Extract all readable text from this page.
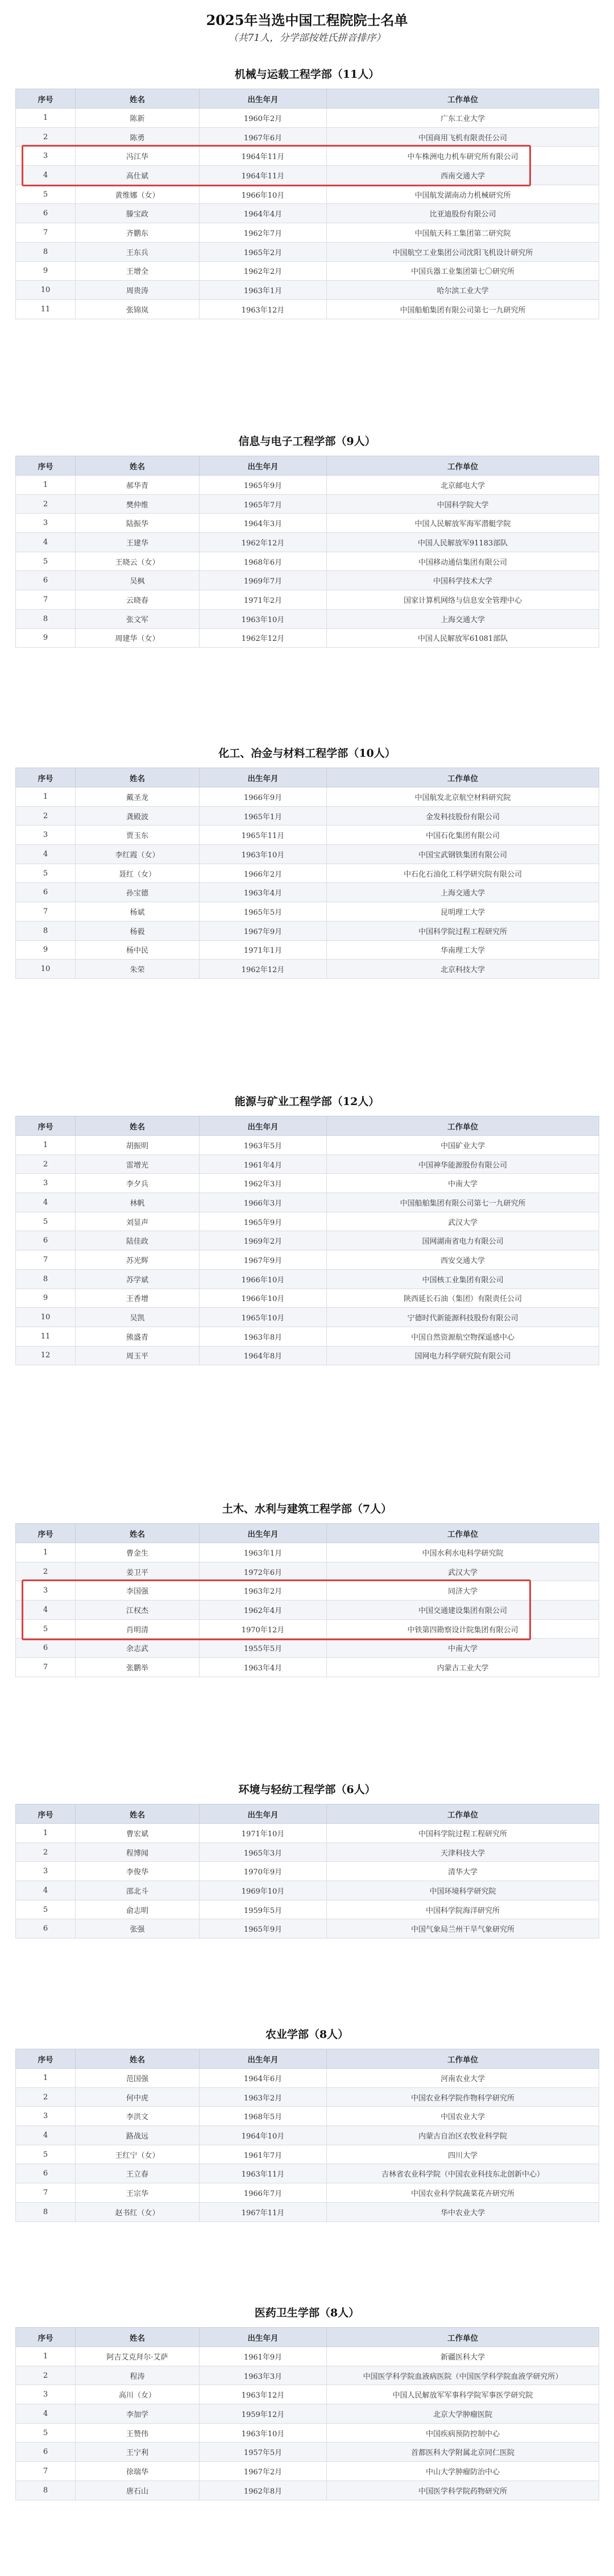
2025年当选中国工程院院士名单
（共71人，分学部按姓氏拼音排序）
机械与运载工程学部（11人）
序号	姓名	出生年月	工作单位
1	陈新	1960年2月	广东工业大学
2	陈勇	1967年6月	中国商用飞机有限责任公司
3	冯江华	1964年11月	中车株洲电力机车研究所有限公司
4	高仕斌	1964年11月	西南交通大学
5	黄维娜（女）	1966年10月	中国航发湖南动力机械研究所
6	滕宝政	1964年4月	比亚迪股份有限公司
7	齐鹏东	1962年7月	中国航天科工集团第二研究院
8	王东兵	1965年2月	中国航空工业集团公司沈阳飞机设计研究所
9	王增全	1962年2月	中国兵器工业集团第七〇研究所
10	周贵涛	1963年1月	哈尔滨工业大学
11	张锦岚	1963年12月	中国船舶集团有限公司第七一九研究所
信息与电子工程学部（9人）
序号	姓名	出生年月	工作单位
1	郝华青	1965年9月	北京邮电大学
2	樊仲维	1965年7月	中国科学院大学
3	陆振华	1964年3月	中国人民解放军海军潜艇学院
4	王建华	1962年12月	中国人民解放军91183部队
5	王晓云（女）	1968年6月	中国移动通信集团有限公司
6	吴枫	1969年7月	中国科学技术大学
7	云晓春	1971年2月	国家计算机网络与信息安全管理中心
8	张文军	1963年10月	上海交通大学
9	周建华（女）	1962年12月	中国人民解放军61081部队
化工、冶金与材料工程学部（10人）
序号	姓名	出生年月	工作单位
1	戴圣龙	1966年9月	中国航发北京航空材料研究院
2	龚殿波	1965年1月	金发科技股份有限公司
3	贾玉东	1965年11月	中国石化集团有限公司
4	李红霞（女）	1963年10月	中国宝武钢铁集团有限公司
5	聂红（女）	1966年2月	中石化石油化工科学研究院有限公司
6	孙宝德	1963年4月	上海交通大学
7	杨斌	1965年5月	昆明理工大学
8	杨毅	1967年9月	中国科学院过程工程研究所
9	杨中民	1971年1月	华南理工大学
10	朱荣	1962年12月	北京科技大学
能源与矿业工程学部（12人）
序号	姓名	出生年月	工作单位
1	胡振明	1963年5月	中国矿业大学
2	雷增光	1961年4月	中国神华能源股份有限公司
3	李夕兵	1962年3月	中南大学
4	林帆	1966年3月	中国船舶集团有限公司第七一九研究所
5	刘显声	1965年9月	武汉大学
6	陆佳政	1969年2月	国网湖南省电力有限公司
7	苏光辉	1967年9月	西安交通大学
8	苏学斌	1966年10月	中国核工业集团有限公司
9	王香增	1966年10月	陕西延长石油（集团）有限责任公司
10	吴凯	1965年10月	宁德时代新能源科技股份有限公司
11	熊盛青	1963年8月	中国自然资源航空物探遥感中心
12	周玉平	1964年8月	国网电力科学研究院有限公司
土木、水利与建筑工程学部（7人）
序号	姓名	出生年月	工作单位
1	曹金生	1963年1月	中国水利水电科学研究院
2	姜卫平	1972年6月	武汉大学
3	李国强	1963年2月	同济大学
4	江权杰	1962年4月	中国交通建设集团有限公司
5	肖明清	1970年12月	中铁第四勘察设计院集团有限公司
6	余志武	1955年5月	中南大学
7	张鹏举	1963年4月	内蒙古工业大学
环境与轻纺工程学部（6人）
序号	姓名	出生年月	工作单位
1	曹宏斌	1971年10月	中国科学院过程工程研究所
2	程博闻	1965年3月	天津科技大学
3	李俊华	1970年9月	清华大学
4	邵北斗	1969年10月	中国环境科学研究院
5	俞志明	1959年5月	中国科学院海洋研究所
6	张强	1965年9月	中国气象局兰州干旱气象研究所
农业学部（8人）
序号	姓名	出生年月	工作单位
1	范国强	1964年6月	河南农业大学
2	何中虎	1963年2月	中国农业科学院作物科学研究所
3	李洪文	1968年5月	中国农业大学
4	路战远	1964年10月	内蒙古自治区农牧业科学院
5	王红宁（女）	1961年7月	四川大学
6	王立春	1963年11月	吉林省农业科学院（中国农业科技东北创新中心）
7	王宗华	1966年7月	中国农业科学院蔬菜花卉研究所
8	赵书红（女）	1967年11月	华中农业大学
医药卫生学部（8人）
序号	姓名	出生年月	工作单位
1	阿吉艾克拜尔·艾萨	1961年9月	新疆医科大学
2	程涛	1963年3月	中国医学科学院血液病医院（中国医学科学院血液学研究所）
3	高川（女）	1963年12月	中国人民解放军军事科学院军事医学研究院
4	李加学	1959年12月	北京大学肿瘤医院
5	王赞伟	1963年10月	中国疾病预防控制中心
6	王宁利	1957年5月	首都医科大学附属北京同仁医院
7	徐瑞华	1967年2月	中山大学肿瘤防治中心
8	唐石山	1962年8月	中国医学科学院药物研究所
